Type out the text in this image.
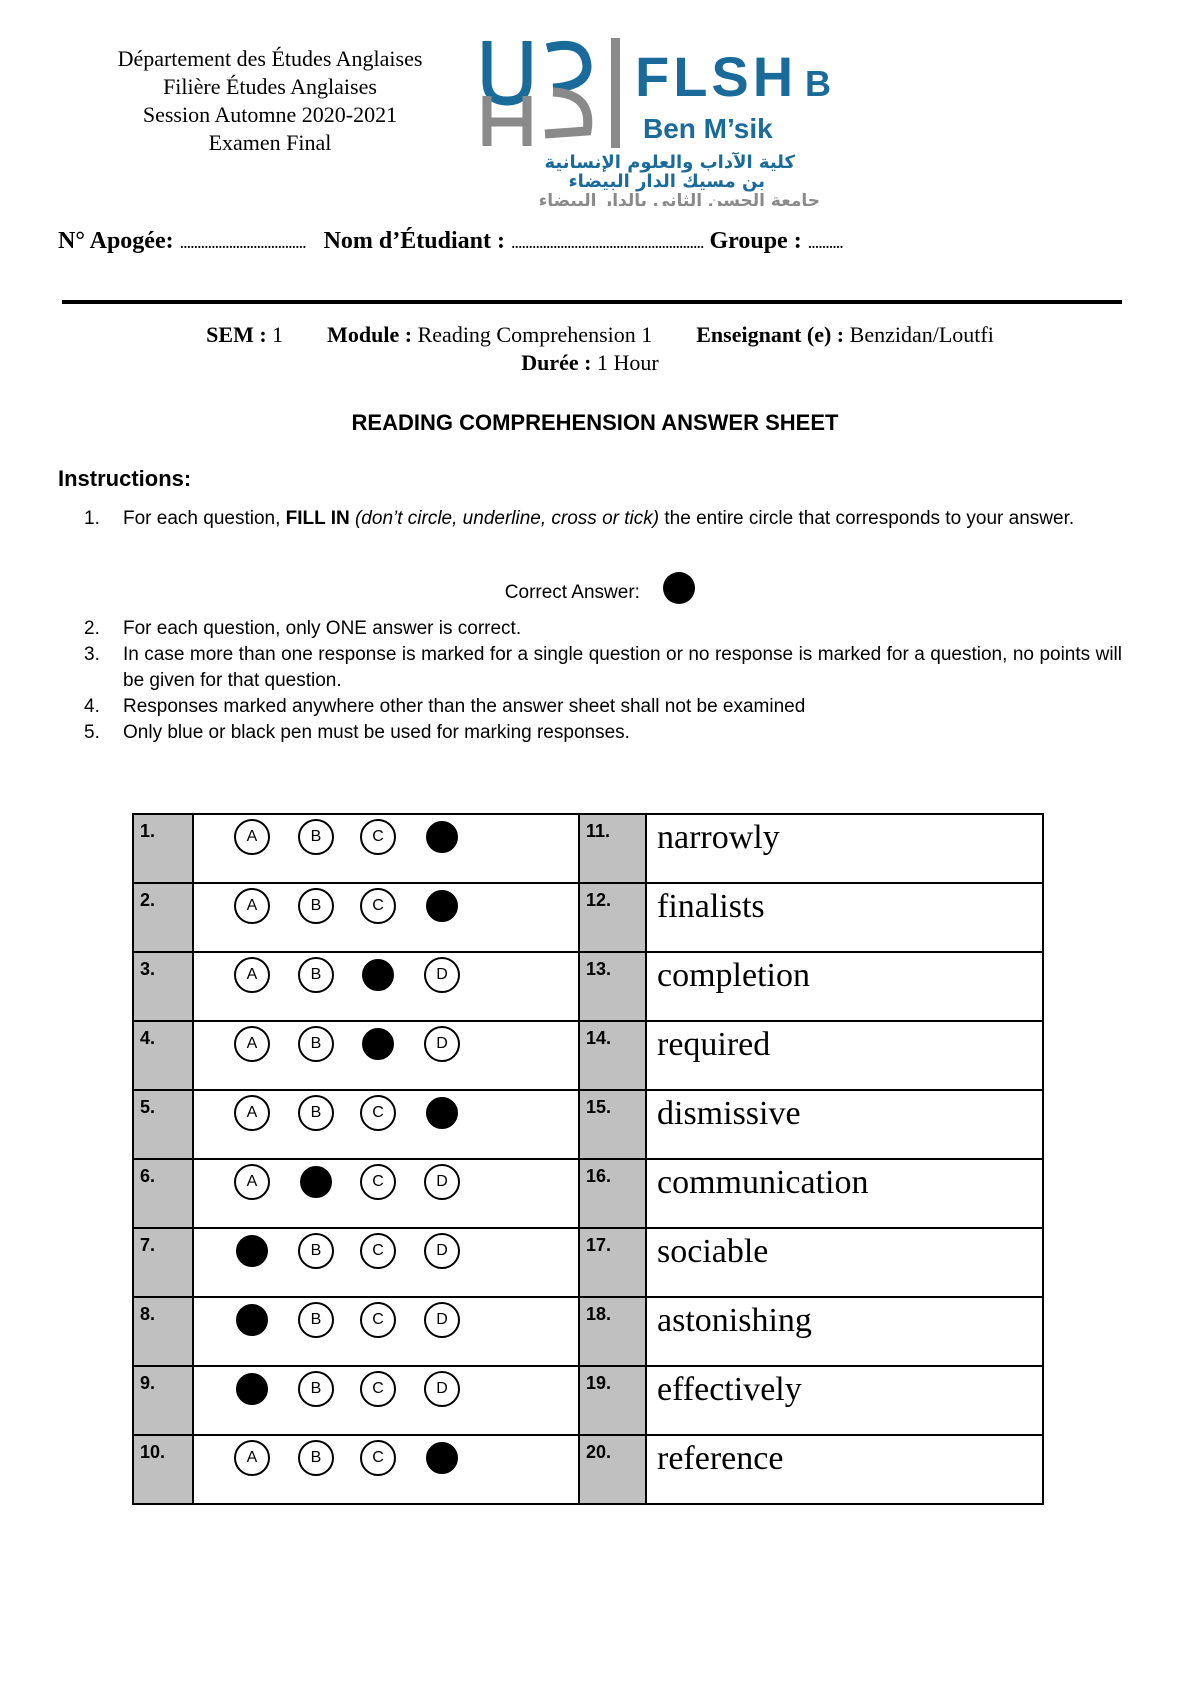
Département des Études Anglaises
Filière Études Anglaises
Session Automne 2020-2021
Examen Final
FLSH B
Ben M’sik
كلية الآداب والعلوم الإنسانية
بن مسيك الدار البيضاء
جامعة الحسن الثاني بالدار البيضاء
N° Apogée: .................................... Nom d’Étudiant : ....................................................... Groupe : ..........
SEM : 1 Module : Reading Comprehension 1 Enseignant (e) : Benzidan/Loutfi
Durée : 1 Hour
READING COMPREHENSION ANSWER SHEET
Instructions:
1.	For each question, FILL IN (don’t circle, underline, cross or tick) the entire circle that corresponds to your answer.
Correct Answer:
2.	For each question, only ONE answer is correct.
3.	In case more than one response is marked for a single question or no response is marked for a question, no points will be given for that question.
4.	Responses marked anywhere other than the answer sheet shall not be examined
5.	Only blue or black pen must be used for marking responses.
1.	A B C	11.	narrowly
2.	A B C	12.	finalists
3.	A B D	13.	completion
4.	A B D	14.	required
5.	A B C	15.	dismissive
6.	A C D	16.	communication
7.	B C D	17.	sociable
8.	B C D	18.	astonishing
9.	B C D	19.	effectively
10.	A B C	20.	reference
